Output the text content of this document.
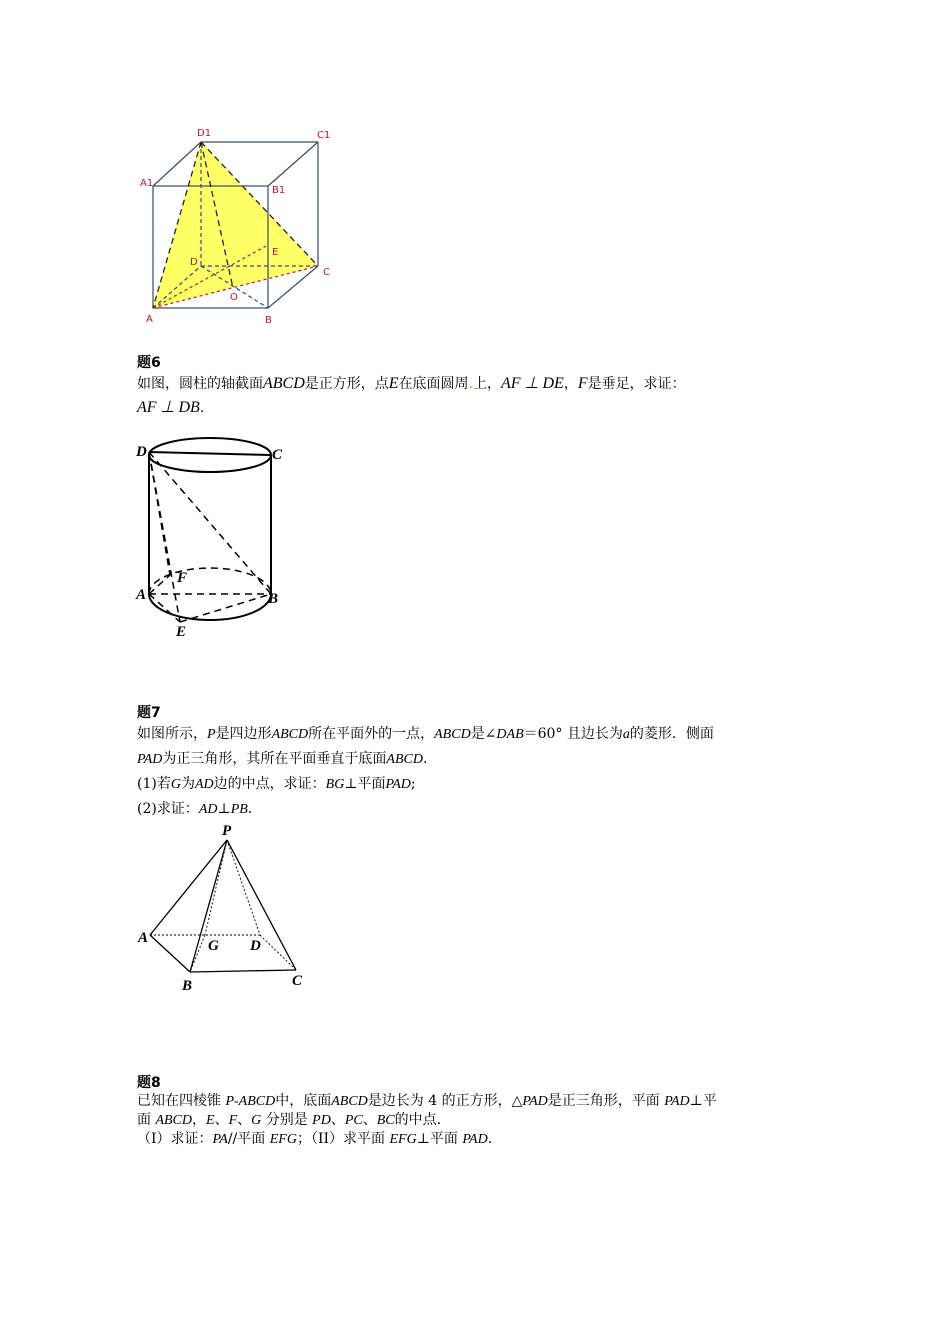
D1	C1
A1
B1
D
E
C
O
A	B
题6
如图，圆柱的轴截面ABCD是正方形，点E在底面圆周.上，AF ⊥ DE，F是垂足，求证：
AF ⊥ DB.
D	C
F
A	B
E
题7
如图所示，P是四边形ABCD所在平面外的一点，ABCD是∠DAB＝60° 且边长为a的菱形．侧面
PAD为正三角形，其所在平面垂直于底面ABCD.
(1)若G为AD边的中点，求证：BG⊥平面PAD;
(2)求证：AD⊥PB.
P
A	G D
B	C
题8
已知在四棱锥 P-ABCD中，底面ABCD是边长为 4 的正方形，△PAD是正三角形，平面 PAD⊥平
面 ABCD，E、F、G 分别是 PD、PC、BC的中点.
（I）求证：PA//平面 EFG；（II）求平面 EFG⊥平面 PAD.
